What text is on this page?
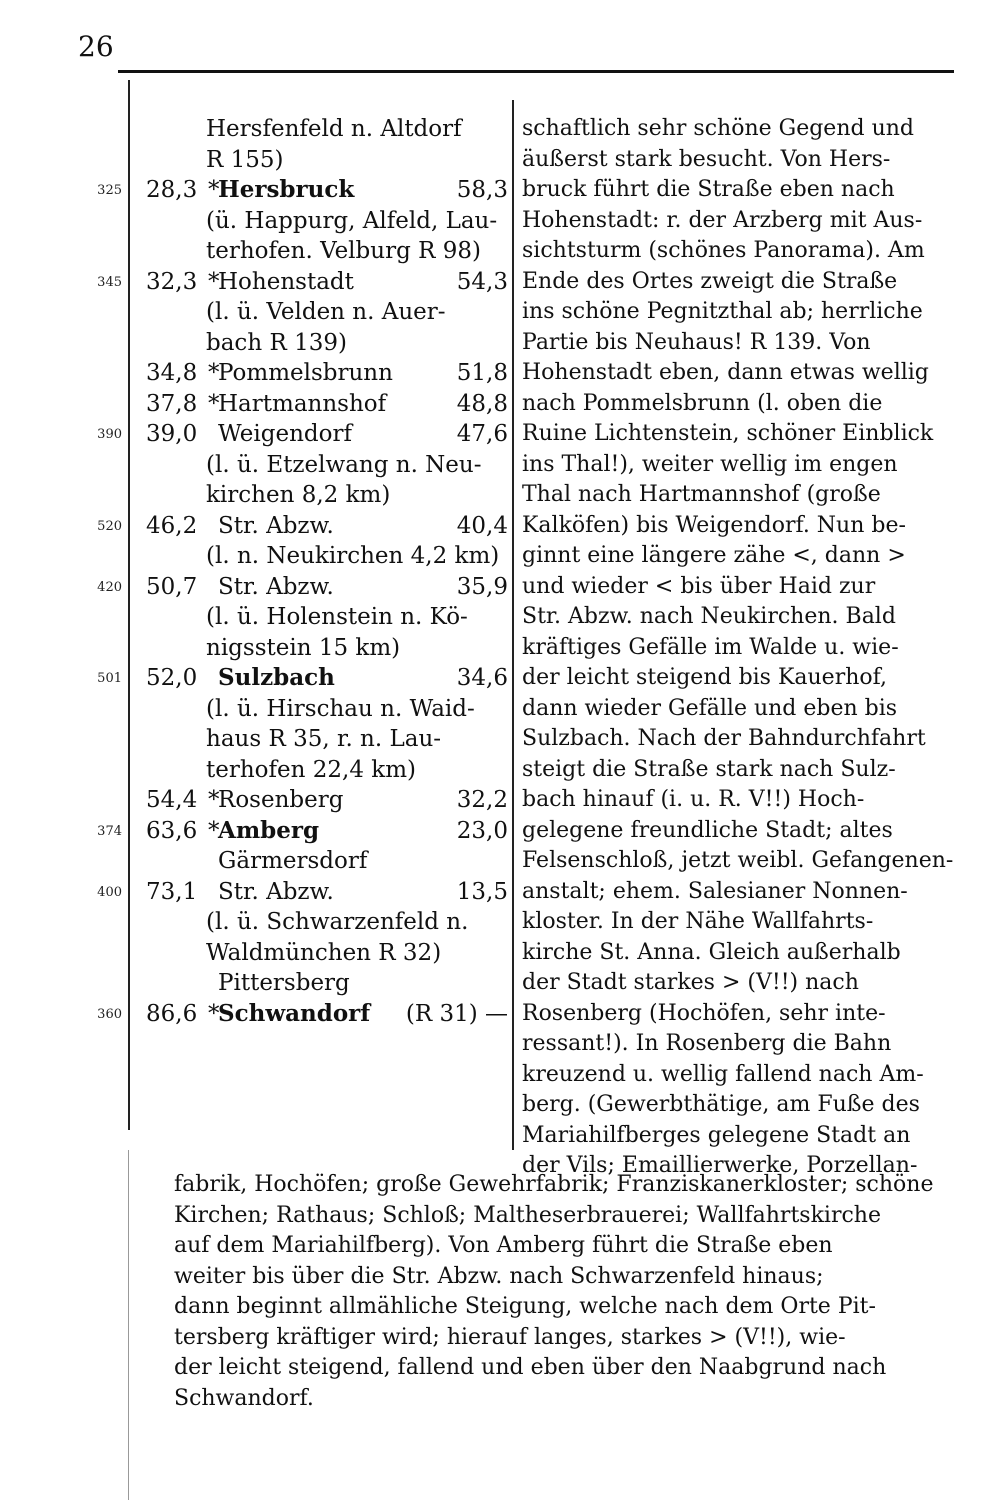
26
Hersfenfeld n. Altdorf
R 155)
325 28,3 *Hersbruck	58,3
(ü. Happurg, Alfeld, Lau-
terhofen. Velburg R 98)
345 32,3 *Hohenstadt	54,3
(l. ü. Velden n. Auer-
bach R 139)
34,8 *Pommelsbrunn	51,8
37,8 *Hartmannshof	48,8
390 39,0 Weigendorf	47,6
(l. ü. Etzelwang n. Neu-
kirchen 8,2 km)
520 46,2 Str. Abzw.	40,4
(l. n. Neukirchen 4,2 km)
420 50,7 Str. Abzw.	35,9
(l. ü. Holenstein n. Kö-
nigsstein 15 km)
501 52,0 Sulzbach	34,6
(l. ü. Hirschau n. Waid-
haus R 35, r. n. Lau-
terhofen 22,4 km)
54,4 *Rosenberg	32,2
374 63,6 *Amberg	23,0
Gärmersdorf
400 73,1 Str. Abzw.	13,5
(l. ü. Schwarzenfeld n.
Waldmünchen R 32)
Pittersberg
360 86,6 *Schwandorf (R 31) —
schaftlich sehr schöne Gegend und
äußerst stark besucht. Von Hers-
bruck führt die Straße eben nach
Hohenstadt: r. der Arzberg mit Aus-
sichtsturm (schönes Panorama). Am
Ende des Ortes zweigt die Straße
ins schöne Pegnitzthal ab; herrliche
Partie bis Neuhaus! R 139. Von
Hohenstadt eben, dann etwas wellig
nach Pommelsbrunn (l. oben die
Ruine Lichtenstein, schöner Einblick
ins Thal!), weiter wellig im engen
Thal nach Hartmannshof (große
Kalköfen) bis Weigendorf. Nun be-
ginnt eine längere zähe <, dann >
und wieder < bis über Haid zur
Str. Abzw. nach Neukirchen. Bald
kräftiges Gefälle im Walde u. wie-
der leicht steigend bis Kauerhof,
dann wieder Gefälle und eben bis
Sulzbach. Nach der Bahndurchfahrt
steigt die Straße stark nach Sulz-
bach hinauf (i. u. R. V!!) Hoch-
gelegene freundliche Stadt; altes
Felsenschloß, jetzt weibl. Gefangenen-
anstalt; ehem. Salesianer Nonnen-
kloster. In der Nähe Wallfahrts-
kirche St. Anna. Gleich außerhalb
der Stadt starkes > (V!!) nach
Rosenberg (Hochöfen, sehr inte-
ressant!). In Rosenberg die Bahn
kreuzend u. wellig fallend nach Am-
berg. (Gewerbthätige, am Fuße des
Mariahilfberges gelegene Stadt an
der Vils; Emaillierwerke, Porzellan-
fabrik, Hochöfen; große Gewehrfabrik; Franziskanerkloster; schöne
Kirchen; Rathaus; Schloß; Maltheserbrauerei; Wallfahrtskirche
auf dem Mariahilfberg). Von Amberg führt die Straße eben
weiter bis über die Str. Abzw. nach Schwarzenfeld hinaus;
dann beginnt allmähliche Steigung, welche nach dem Orte Pit-
tersberg kräftiger wird; hierauf langes, starkes > (V!!), wie-
der leicht steigend, fallend und eben über den Naabgrund nach
Schwandorf.
